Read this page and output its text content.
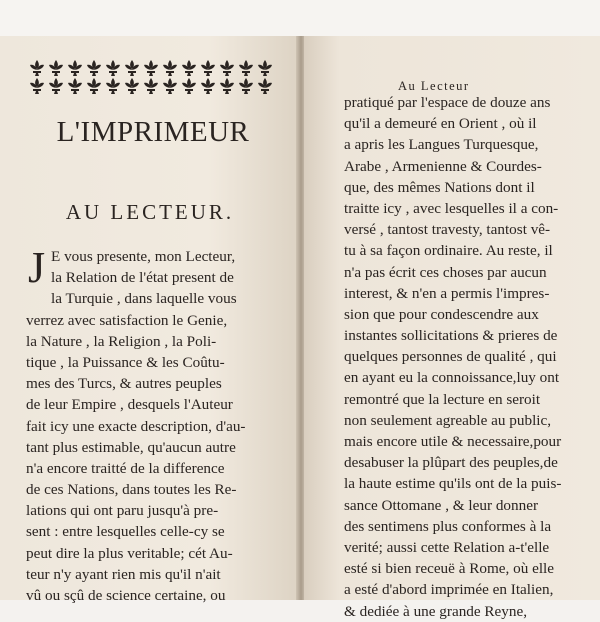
L'IMPRIMEUR
AU LECTEUR.
J E vous presente, mon Lecteur,
la Relation de l'état present de
la Turquie , dans laquelle vous
verrez avec satisfaction le Genie,
la Nature , la Religion , la Poli-
tique , la Puissance & les Coûtu-
mes des Turcs, & autres peuples
de leur Empire , desquels l'Auteur
fait icy une exacte description, d'au-
tant plus estimable, qu'aucun autre
n'a encore traitté de la difference
de ces Nations, dans toutes les Re-
lations qui ont paru jusqu'à pre-
sent : entre lesquelles celle-cy se
peut dire la plus veritable; cét Au-
teur n'y ayant rien mis qu'il n'ait
vû ou sçû de science certaine, ou
Au Lecteur
pratiqué par l'espace de douze ans
qu'il a demeuré en Orient , où il
a apris les Langues Turquesque,
Arabe , Armenienne & Courdes-
que, des mêmes Nations dont il
traitte icy , avec lesquelles il a con-
versé , tantost travesty, tantost vê-
tu à sa façon ordinaire. Au reste, il
n'a pas écrit ces choses par aucun
interest, & n'en a permis l'impres-
sion que pour condescendre aux
instantes sollicitations & prieres de
quelques personnes de qualité , qui
en ayant eu la connoissance,luy ont
remontré que la lecture en seroit
non seulement agreable au public,
mais encore utile & necessaire,pour
desabuser la plûpart des peuples,de
la haute estime qu'ils ont de la puis-
sance Ottomane , & leur donner
des sentimens plus conformes à la
verité; aussi cette Relation a-t'elle
esté si bien receuë à Rome, où elle
a esté d'abord imprimée en Italien,
& dediée à une grande Reyne,
